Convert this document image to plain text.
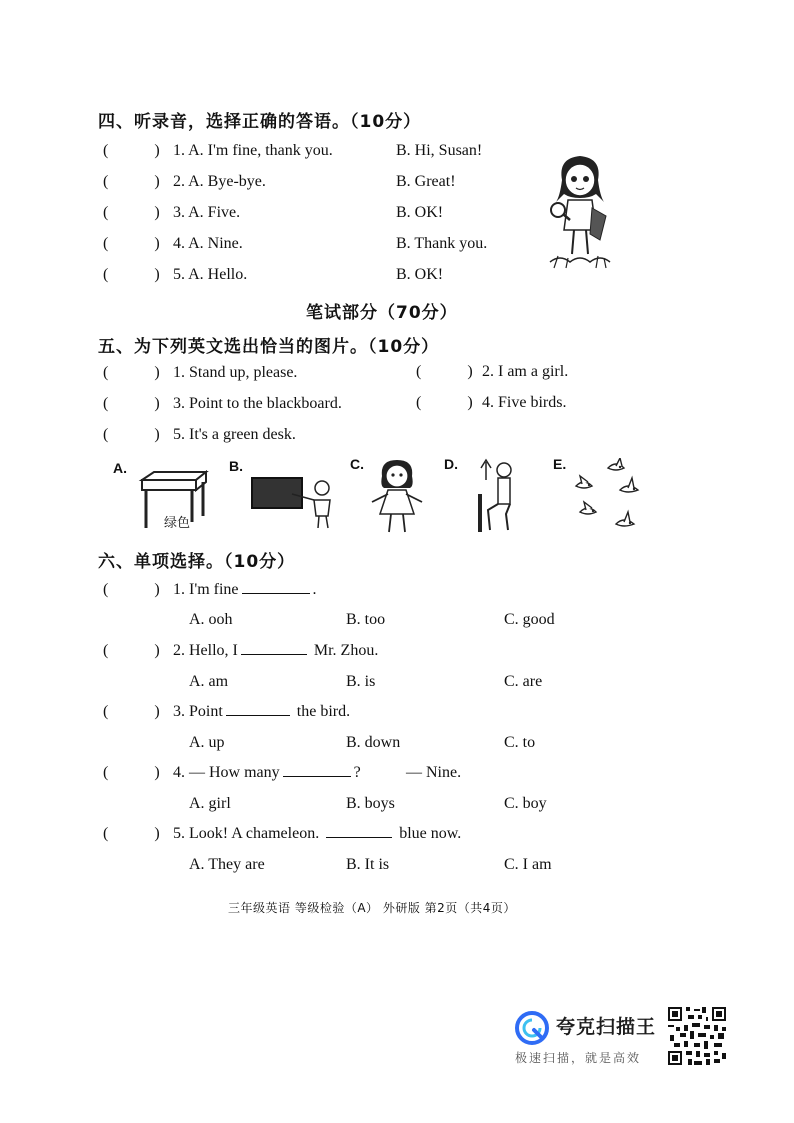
四、听录音，选择正确的答语。（10分）
(	) 1. A. I'm fine, thank you.	B. Hi, Susan!
(	) 2. A. Bye-bye.	B. Great!
(	) 3. A. Five.	B. OK!
(	) 4. A. Nine.	B. Thank you.
(	) 5. A. Hello.	B. OK!
笔试部分（70分）
五、为下列英文选出恰当的图片。（10分）
(	) 1. Stand up, please.	(	) 2. I am a girl.
(	) 3. Point to the blackboard.	(	) 4. Five birds.
(	) 5. It's a green desk.
A.
绿色
B.	C.	D.	E.
六、单项选择。（10分）
(	) 1. I'm fine	.
A. ooh	B. too	C. good
(	) 2. Hello, I	Mr. Zhou.
A. am	B. is	C. are
(	) 3. Point	the bird.
A. up	B. down	C. to
(	) 4. — How many	?	— Nine.
A. girl	B. boys	C. boy
(	) 5. Look! A chameleon.	blue now.
A. They are	B. It is	C. I am
三年级英语 等级检验（A） 外研版 第2页（共4页）
夸克扫描王
极速扫描，就是高效
